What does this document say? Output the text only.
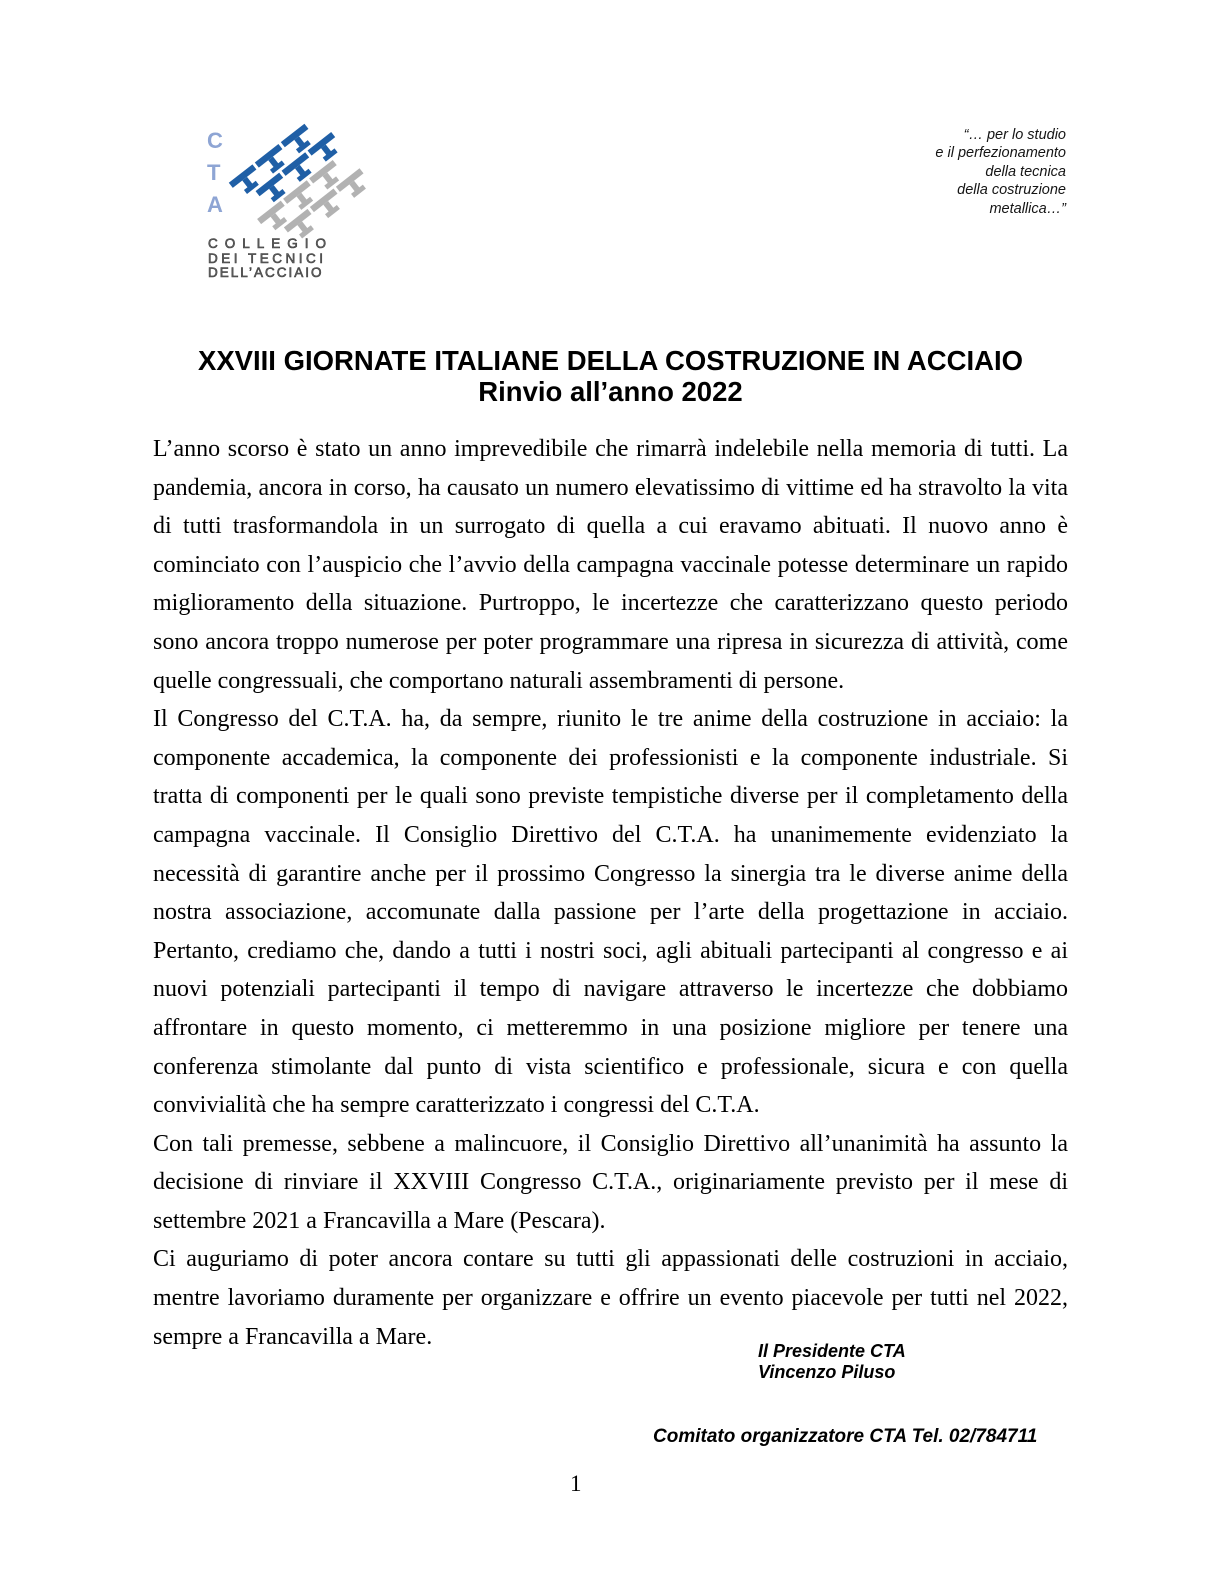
C
T
A
COLLEGIO
DEI TECNICI
DELL’ACCIAIO
“… per lo studio
e il perfezionamento
della tecnica
della costruzione
metallica…”
XXVIII GIORNATE ITALIANE DELLA COSTRUZIONE IN ACCIAIO
Rinvio all’anno 2022

L’anno scorso è stato un anno imprevedibile che rimarrà indelebile nella memoria di tutti. La pandemia, ancora in corso, ha causato un numero elevatissimo di vittime ed ha stravolto la vita di tutti trasformandola in un surrogato di quella a cui eravamo abituati. Il nuovo anno è cominciato con l’auspicio che l’avvio della campagna vaccinale potesse determinare un rapido miglioramento della situazione. Purtroppo, le incertezze che caratterizzano questo periodo sono ancora troppo numerose per poter programmare una ripresa in sicurezza di attività, come quelle congressuali, che comportano naturali assembramenti di persone.

Il Congresso del C.T.A. ha, da sempre, riunito le tre anime della costruzione in acciaio: la componente accademica, la componente dei professionisti e la componente industriale. Si tratta di componenti per le quali sono previste tempistiche diverse per il completamento della campagna vaccinale. Il Consiglio Direttivo del C.T.A. ha unanimemente evidenziato la necessità di garantire anche per il prossimo Congresso la sinergia tra le diverse anime della nostra associazione, accomunate dalla passione per l’arte della progettazione in acciaio. Pertanto, crediamo che, dando a tutti i nostri soci, agli abituali partecipanti al congresso e ai nuovi potenziali partecipanti il tempo di navigare attraverso le incertezze che dobbiamo affrontare in questo momento, ci metteremmo in una posizione migliore per tenere una conferenza stimolante dal punto di vista scientifico e professionale, sicura e con quella convivialità che ha sempre caratterizzato i congressi del C.T.A.

Con tali premesse, sebbene a malincuore, il Consiglio Direttivo all’unanimità ha assunto la decisione di rinviare il XXVIII Congresso C.T.A., originariamente previsto per il mese di settembre 2021 a Francavilla a Mare (Pescara).

Ci auguriamo di poter ancora contare su tutti gli appassionati delle costruzioni in acciaio, mentre lavoriamo duramente per organizzare e offrire un evento piacevole per tutti nel 2022, sempre a Francavilla a Mare.

Il Presidente CTA
Vincenzo Piluso
Comitato organizzatore CTA Tel. 02/784711
1
